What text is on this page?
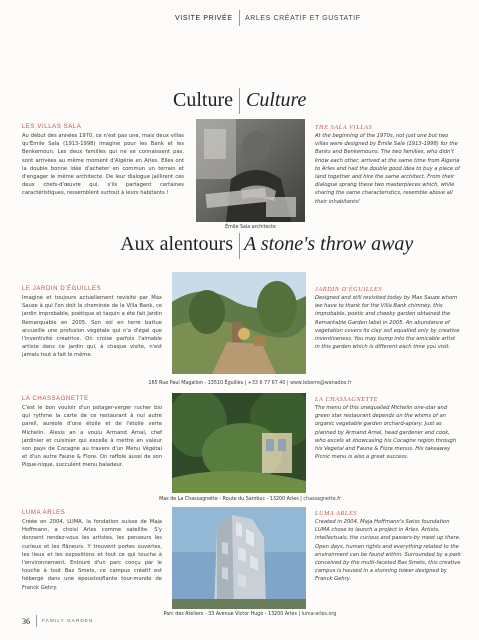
VISITE PRIVÉE ARLES CRÉATIF ET GUSTATIF
Culture Culture
LES VILLAS SALA
Au début des années 1970, ce n'est pas une, mais deux villas qu'Émile Sala (1913-1998) imagine pour les Bank et les Benkemoun. Les deux familles qui ne se connaissent pas, sont arrivées au même moment d'Algérie en Arles. Elles ont la double bonne idée d'acheter en commun un terrain et d'engager le même architecte. De leur dialogue jaillirent ces deux chefs-d'œuvre qui, s'ils partagent certaines caractéristiques, ressemblent surtout à leurs habitants !
Émile Sala architecte
THE SALA VILLAS
At the beginning of the 1970s, not just one but two villas were designed by Émile Sala (1913-1998) for the Banks and Benkemouns. The two families, who didn't know each other, arrived at the same time from Algeria to Arles and had the double good idea to buy a piece of land together and hire the same architect. From their dialogue sprang these two masterpieces which, while sharing the same characteristics, resemble above all their inhabitants!
Aux alentours A stone's throw away
LE JARDIN D'ÉGUILLES
Imaginé et toujours actuellement revisité par Max Sauze à qui l'on doit la cheminée de la Villa Bank, ce jardin improbable, poétique et taquin a été fait Jardin Remarquable en 2005. Son sol en terre battue accueille une profusion végétale qui n'a d'égal que l'inventivité créatrice. On croise parfois l'aimable artiste dans ce jardin qui, à chaque visite, n'est jamais tout à fait le même.
JARDIN D'ÉGUILLES
Designed and still revisited today by Max Sauze whom we have to thank for the Villa Bank chimney, this improbable, poetic and cheeky garden obtained the Remarkable Garden label in 2005. An abundance of vegetation covers its clay soil equalled only by creative inventiveness. You may bump into the amicable artist in this garden which is different each time you visit.
165 Rue Paul Magallon - 13510 Éguilles | +33 6 77 67 40 | www.leberre@wanadoo.fr
LA CHASSAGNETTE
C'est le bon vouloir d'un potager-verger rucher bio qui rythme la carte de ce restaurant à nul autre pareil, auréolé d'une étoile et de l'étoile verte Michelin. Alexis an a voulu Armand Arnal, chef jardinier et cuisinier qui excelle à mettre en valeur son pays de Cocagne au travers d'un Menu Végétal et d'un autre Faune & Flore. On raffole aussi de son Pique-nique, succulent menu baladeur.
LA CHASSAGNETTE
The menu of this unequalled Michelin one-star and green star restaurant depends on the whims of an organic vegetable garden orchard-apiary. Just as planned by Armand Arnal, head gardener and cook, who excels at showcasing his Cocagne region through his Vegetal and Faune & Flore menus. His takeaway Picnic menu is also a great success.
Mas de La Chassagnette - Route du Sambuc - 13200 Arles | chassagnette.fr
LUMA ARLES
Créée en 2004, LUMA, la fondation suisse de Maja Hoffmann, a choisi Arles comme satellite. S'y donnent rendez-vous les artistes, les penseurs les curieux et les flâneurs. Y trouvent portes ouvertes, les lieux et les expositions et tout ce qui touche à l'environnement. Entouré d'un parc conçu par le touche à tout Bas Smets, ce campus créatif est hébergé dans une époustouflante tour-monde de Franck Gehry.
LUMA ARLES
Created in 2004, Maja Hoffmann's Swiss foundation LUMA chose to launch a project in Arles. Artists, intellectuals, the curious and passers-by meet up there. Open days, human rights and everything related to the environment can be found within. Surrounded by a park conceived by the multi-faceted Bas Smets, this creative campus is housed in a stunning tower designed by Franck Gehry.
Parc des Ateliers - 33 Avenue Victor Hugo - 13200 Arles | luma-arles.org
36	FAMILY GARDEN
